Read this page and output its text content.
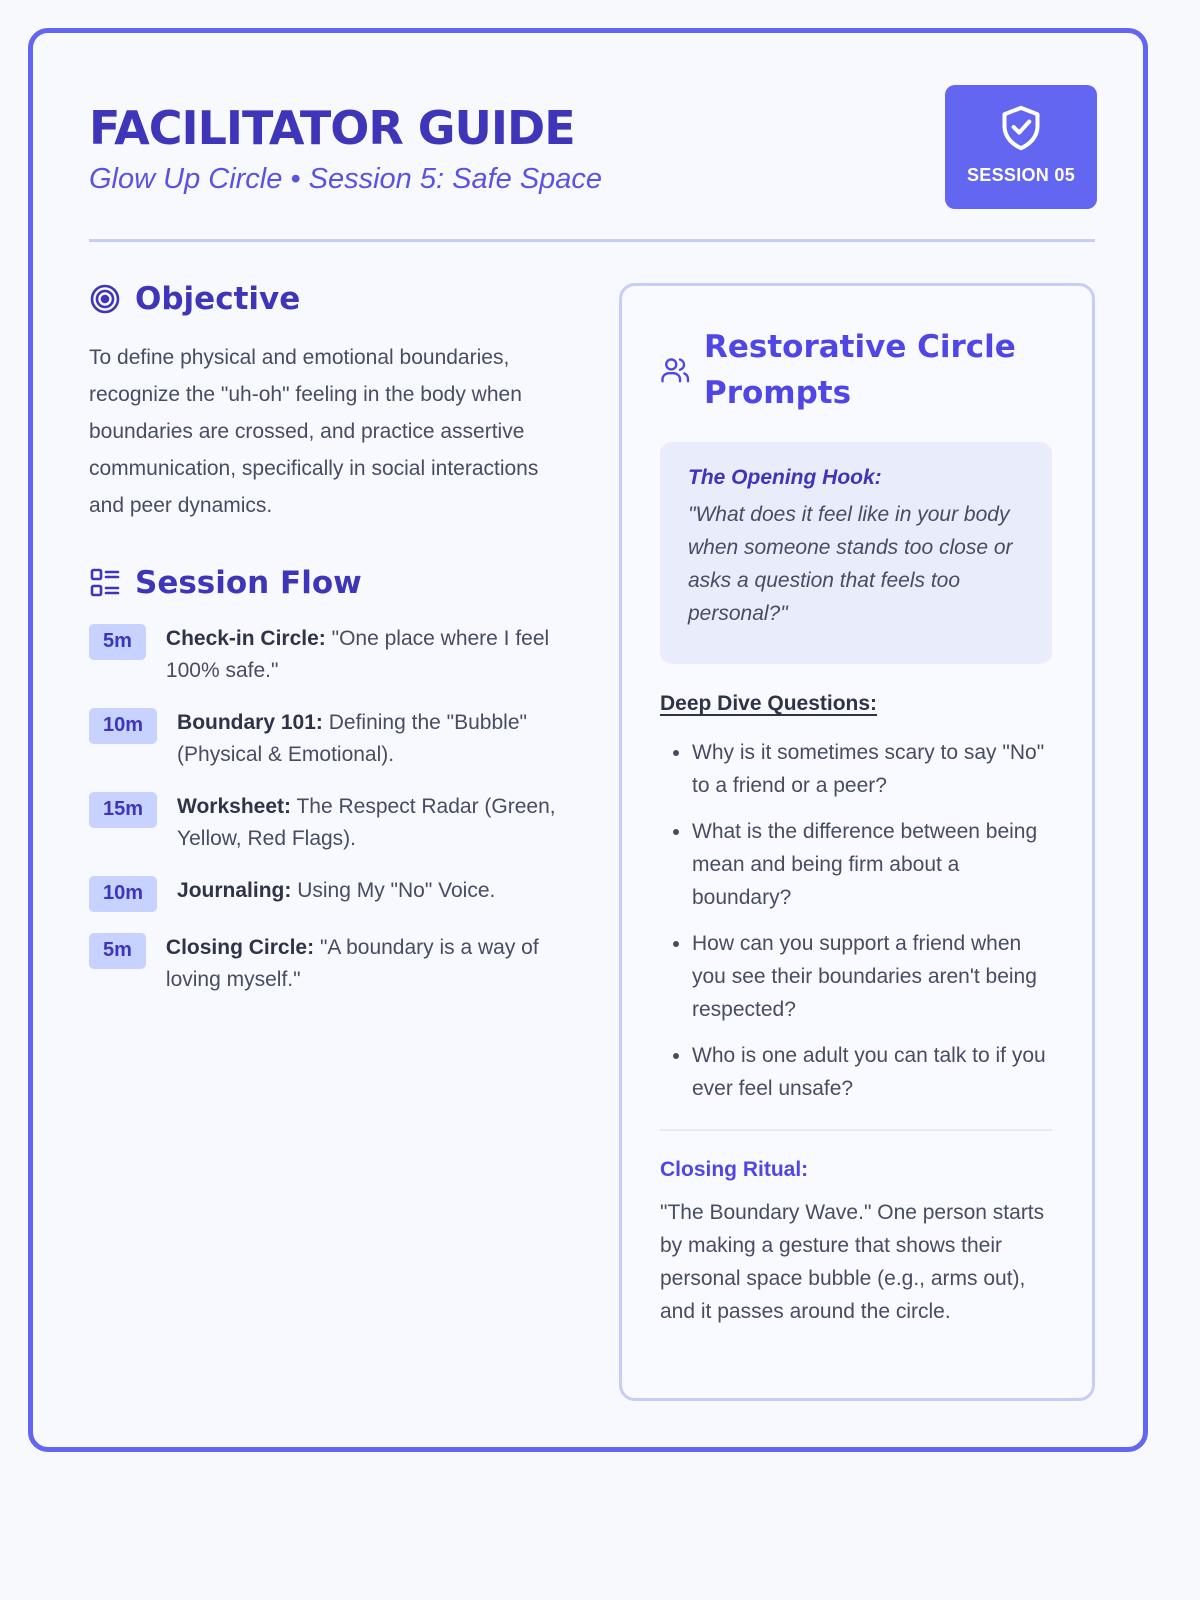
FACILITATOR GUIDE
Glow Up Circle • Session 5: Safe Space	SESSION 05
Objective
To define physical and emotional boundaries, recognize the "uh-oh" feeling in the body when boundaries are crossed, and practice assertive communication, specifically in social interactions and peer dynamics.
Session Flow
5m	Check-in Circle: "One place where I feel 100% safe."
10m	Boundary 101: Defining the "Bubble" (Physical & Emotional).
15m	Worksheet: The Respect Radar (Green, Yellow, Red Flags).
10m	Journaling: Using My "No" Voice.
5m	Closing Circle: "A boundary is a way of loving myself."
Restorative Circle
Prompts
The Opening Hook:
"What does it feel like in your body when someone stands too close or asks a question that feels too personal?"
Deep Dive Questions:
• Why is it sometimes scary to say "No" to a friend or a peer?
• What is the difference between being mean and being firm about a boundary?
• How can you support a friend when you see their boundaries aren't being respected?
• Who is one adult you can talk to if you ever feel unsafe?
Closing Ritual:
"The Boundary Wave." One person starts by making a gesture that shows their personal space bubble (e.g., arms out), and it passes around the circle.
